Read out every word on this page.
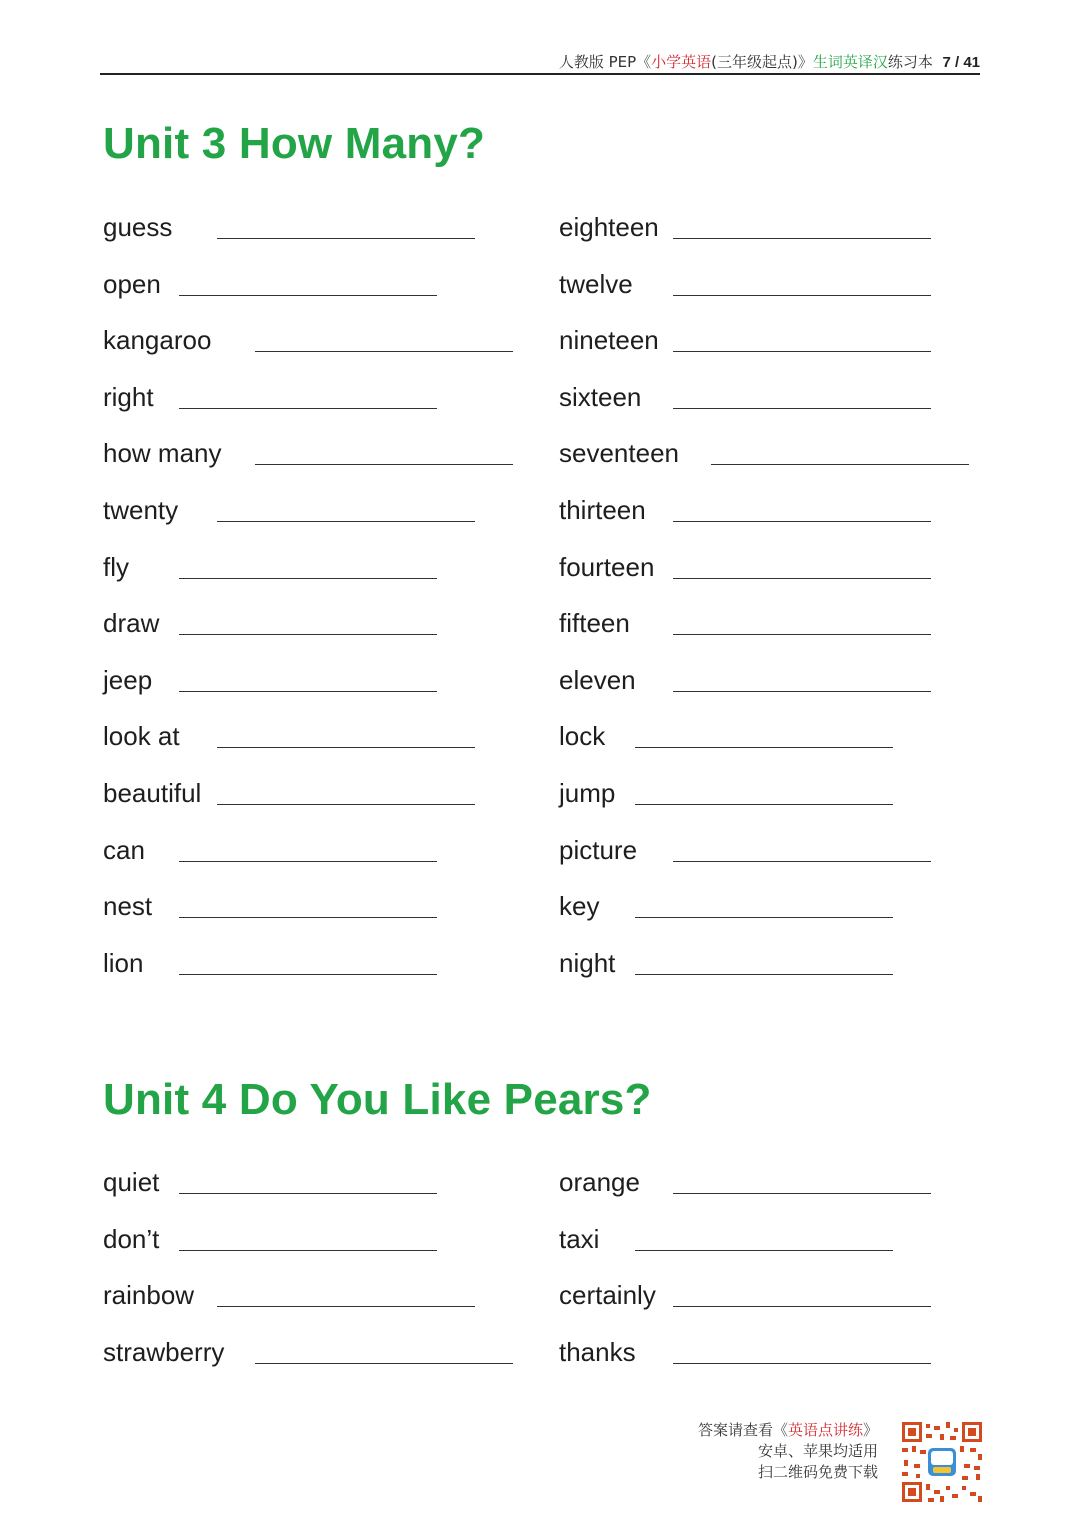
人教版 PEP《小学英语(三年级起点)》生词英译汉练习本 7 / 41
Unit 3 How Many?
guess
open
kangaroo
right
how many
twenty
fly
draw
jeep
look at
beautiful
can
nest
lion
eighteen
twelve
nineteen
sixteen
seventeen
thirteen
fourteen
fifteen
eleven
lock
jump
picture
key
night
Unit 4 Do You Like Pears?
quiet
don’t
rainbow
strawberry
orange
taxi
certainly
thanks
答案请查看《英语点讲练》
安卓、苹果均适用
扫二维码免费下载
